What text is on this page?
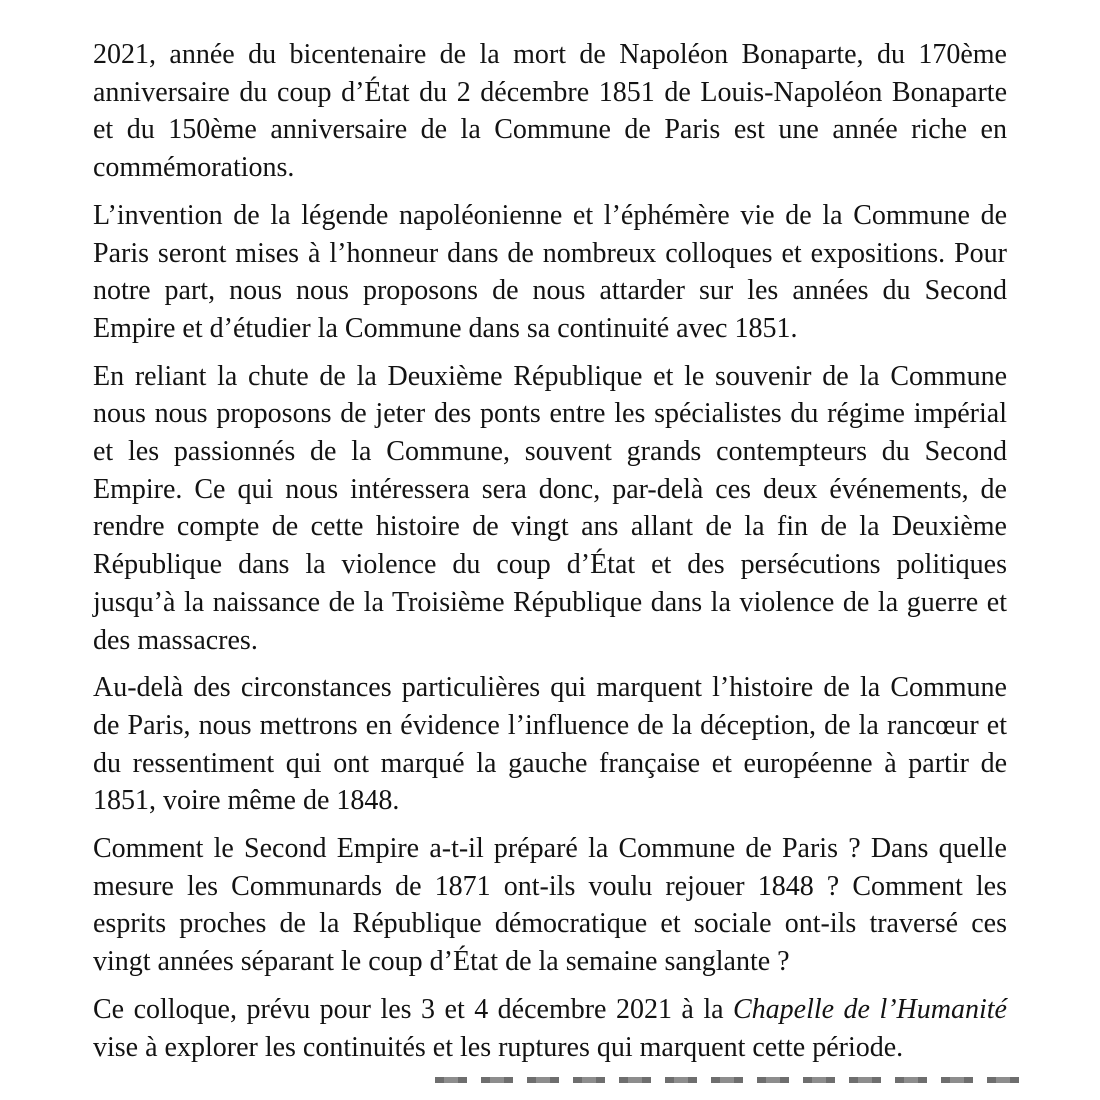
2021, année du bicentenaire de la mort de Napoléon Bonaparte, du 170ème
anniversaire du coup d’État du 2 décembre 1851 de Louis-Napoléon Bonaparte
et du 150ème anniversaire de la Commune de Paris est une année riche en
commémorations.
L’invention de la légende napoléonienne et l’éphémère vie de la Commune de
Paris seront mises à l’honneur dans de nombreux colloques et expositions. Pour
notre part, nous nous proposons de nous attarder sur les années du Second
Empire et d’étudier la Commune dans sa continuité avec 1851.
En reliant la chute de la Deuxième République et le souvenir de la Commune
nous nous proposons de jeter des ponts entre les spécialistes du régime impérial
et les passionnés de la Commune, souvent grands contempteurs du Second
Empire. Ce qui nous intéressera sera donc, par-delà ces deux événements, de
rendre compte de cette histoire de vingt ans allant de la fin de la Deuxième
République dans la violence du coup d’État et des persécutions politiques
jusqu’à la naissance de la Troisième République dans la violence de la guerre et
des massacres.
Au-delà des circonstances particulières qui marquent l’histoire de la Commune
de Paris, nous mettrons en évidence l’influence de la déception, de la rancœur et
du ressentiment qui ont marqué la gauche française et européenne à partir de
1851, voire même de 1848.
Comment le Second Empire a-t-il préparé la Commune de Paris ? Dans quelle
mesure les Communards de 1871 ont-ils voulu rejouer 1848 ? Comment les
esprits proches de la République démocratique et sociale ont-ils traversé ces
vingt années séparant le coup d’État de la semaine sanglante ?
Ce colloque, prévu pour les 3 et 4 décembre 2021 à la Chapelle de l’Humanité
vise à explorer les continuités et les ruptures qui marquent cette période.
